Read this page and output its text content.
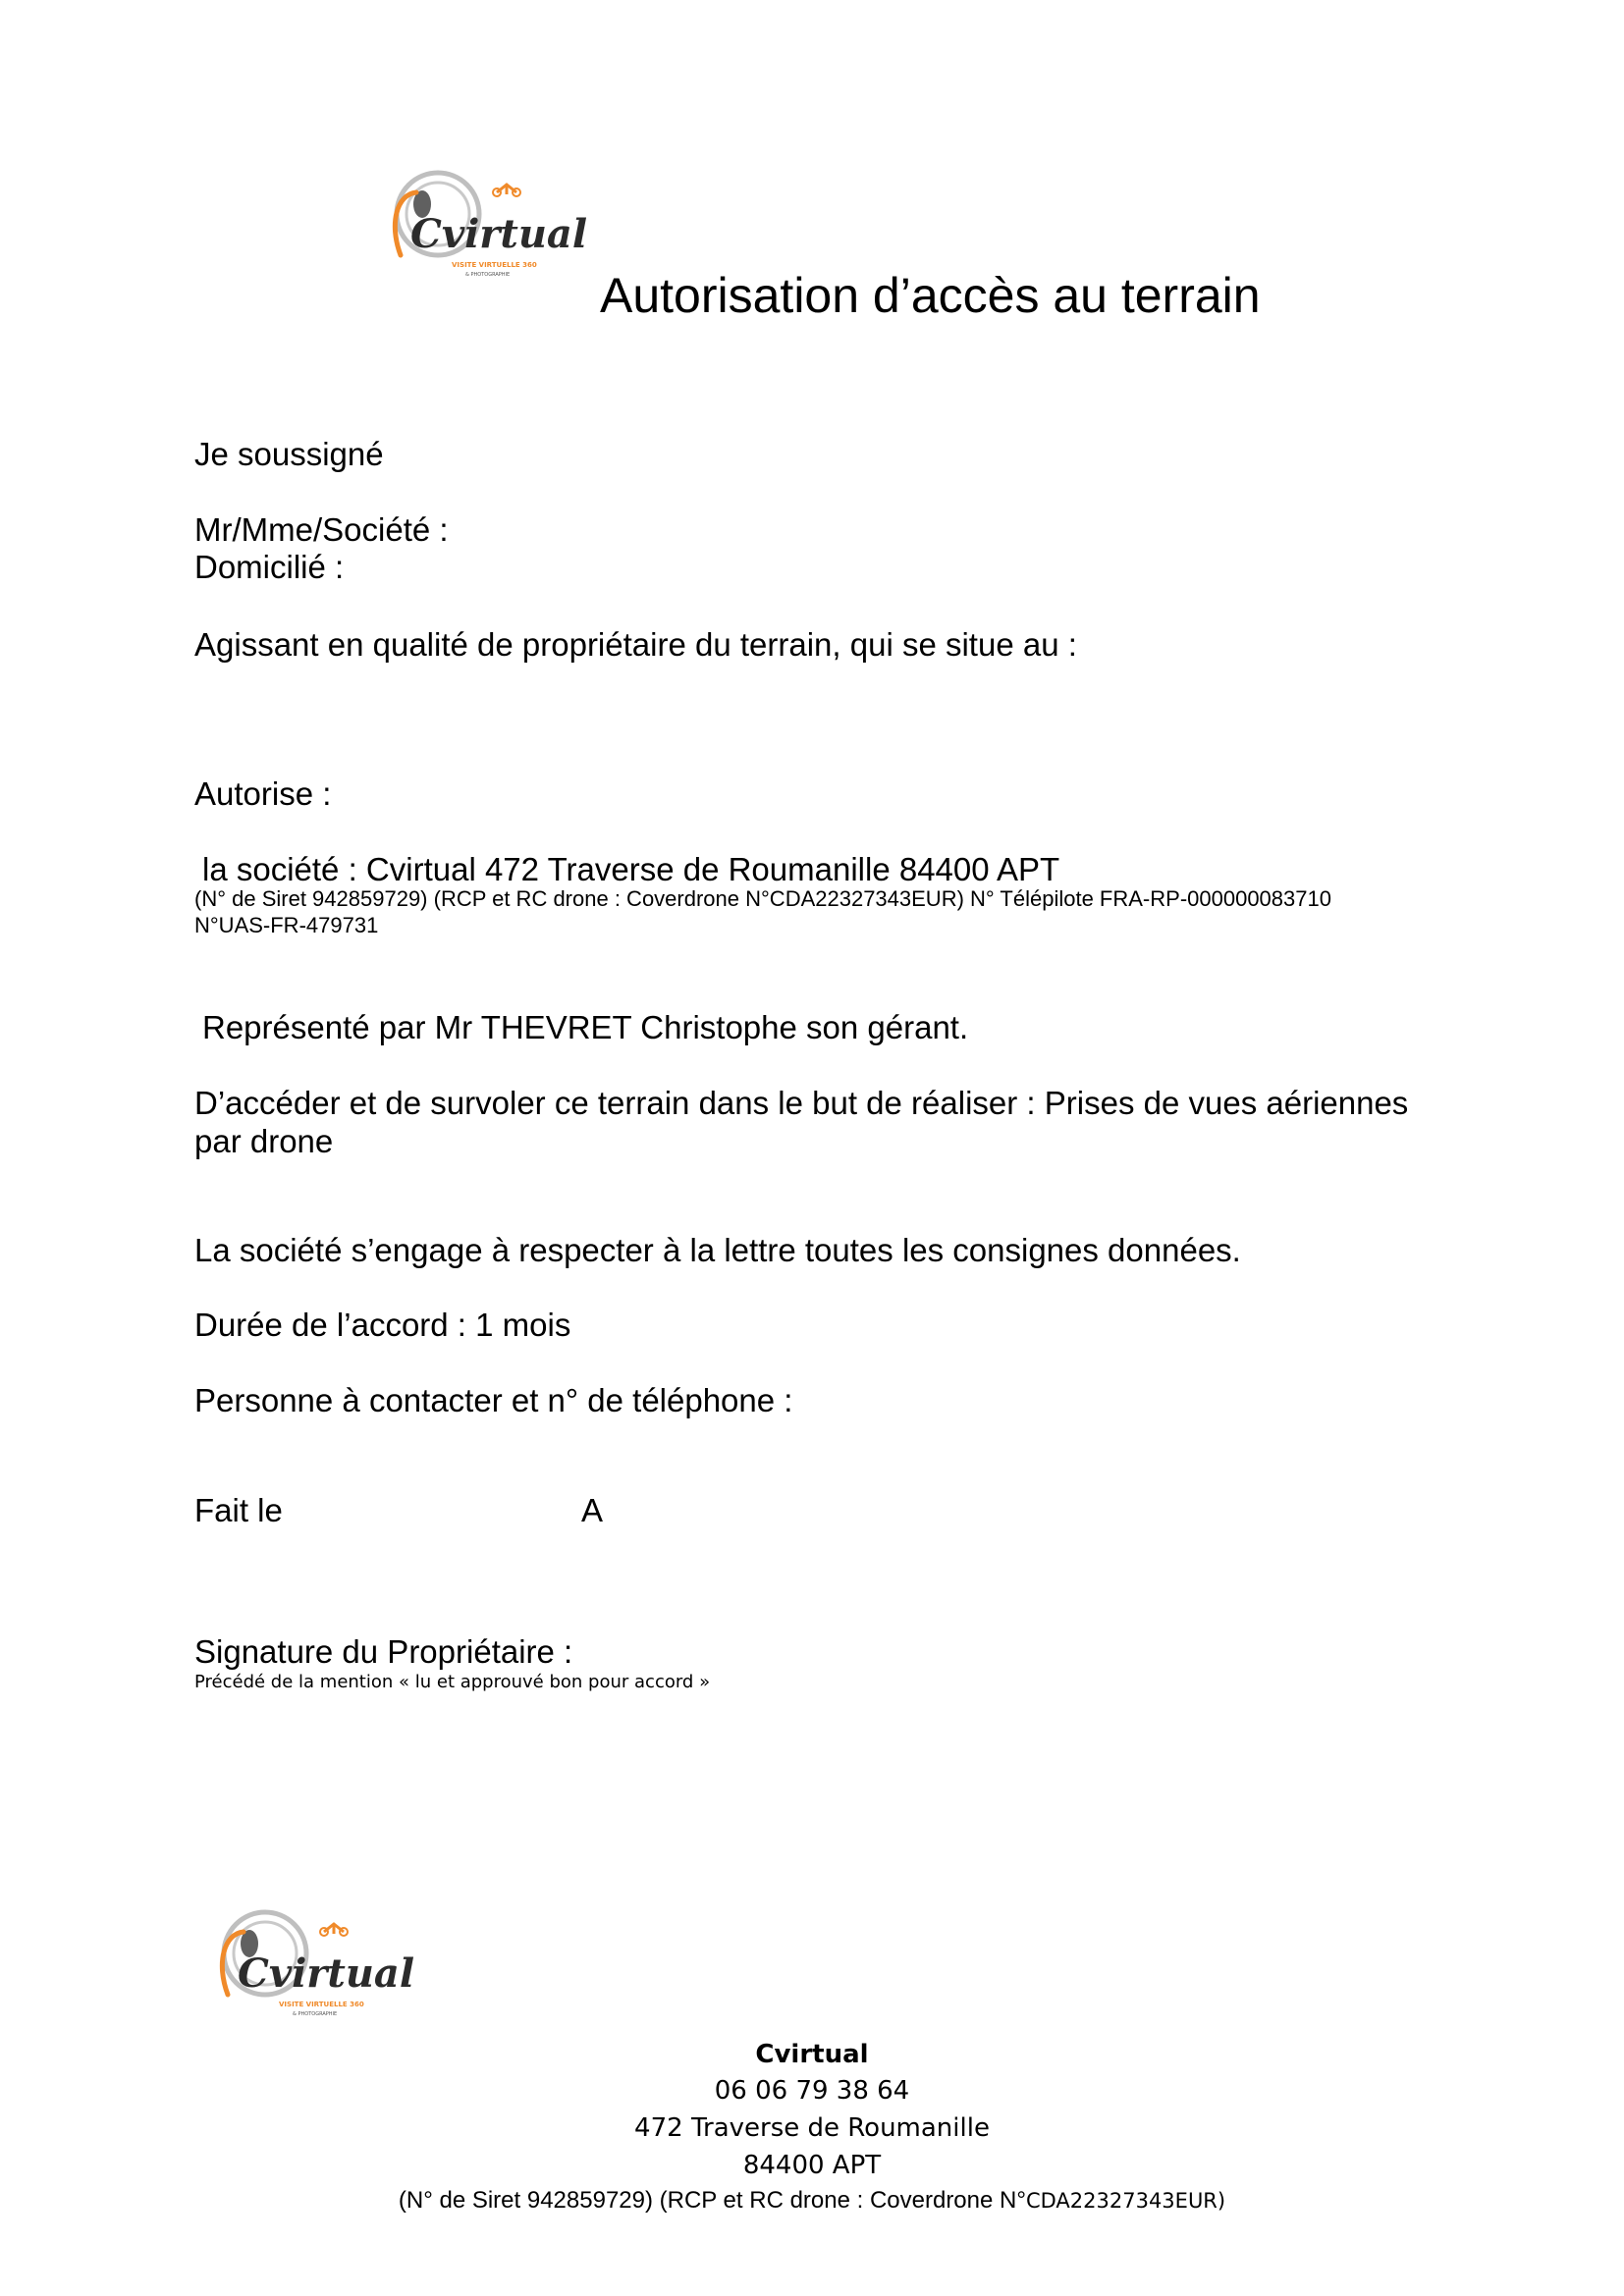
Cvirtual
VISITE VIRTUELLE 360
& PHOTOGRAPHIE Autorisation d’accès au terrain
Je soussigné
Mr/Mme/Société :
Domicilié :
Agissant en qualité de propriétaire du terrain, qui se situe au :
Autorise :
la société : Cvirtual 472 Traverse de Roumanille 84400 APT
(N° de Siret 942859729) (RCP et RC drone : Coverdrone N°CDA22327343EUR) N° Télépilote FRA-RP-000000083710
N°UAS-FR-479731
Représenté par Mr THEVRET Christophe son gérant.
D’accéder et de survoler ce terrain dans le but de réaliser : Prises de vues aériennes
par drone
La société s’engage à respecter à la lettre toutes les consignes données.
Durée de l’accord : 1 mois
Personne à contacter et n° de téléphone :
Fait le	A
Signature du Propriétaire :
Précédé de la mention « lu et approuvé bon pour accord »
Cvirtual
VISITE VIRTUELLE 360
& PHOTOGRAPHIE
Cvirtual
06 06 79 38 64
472 Traverse de Roumanille
84400 APT
(N° de Siret 942859729) (RCP et RC drone : Coverdrone N°CDA22327343EUR)
